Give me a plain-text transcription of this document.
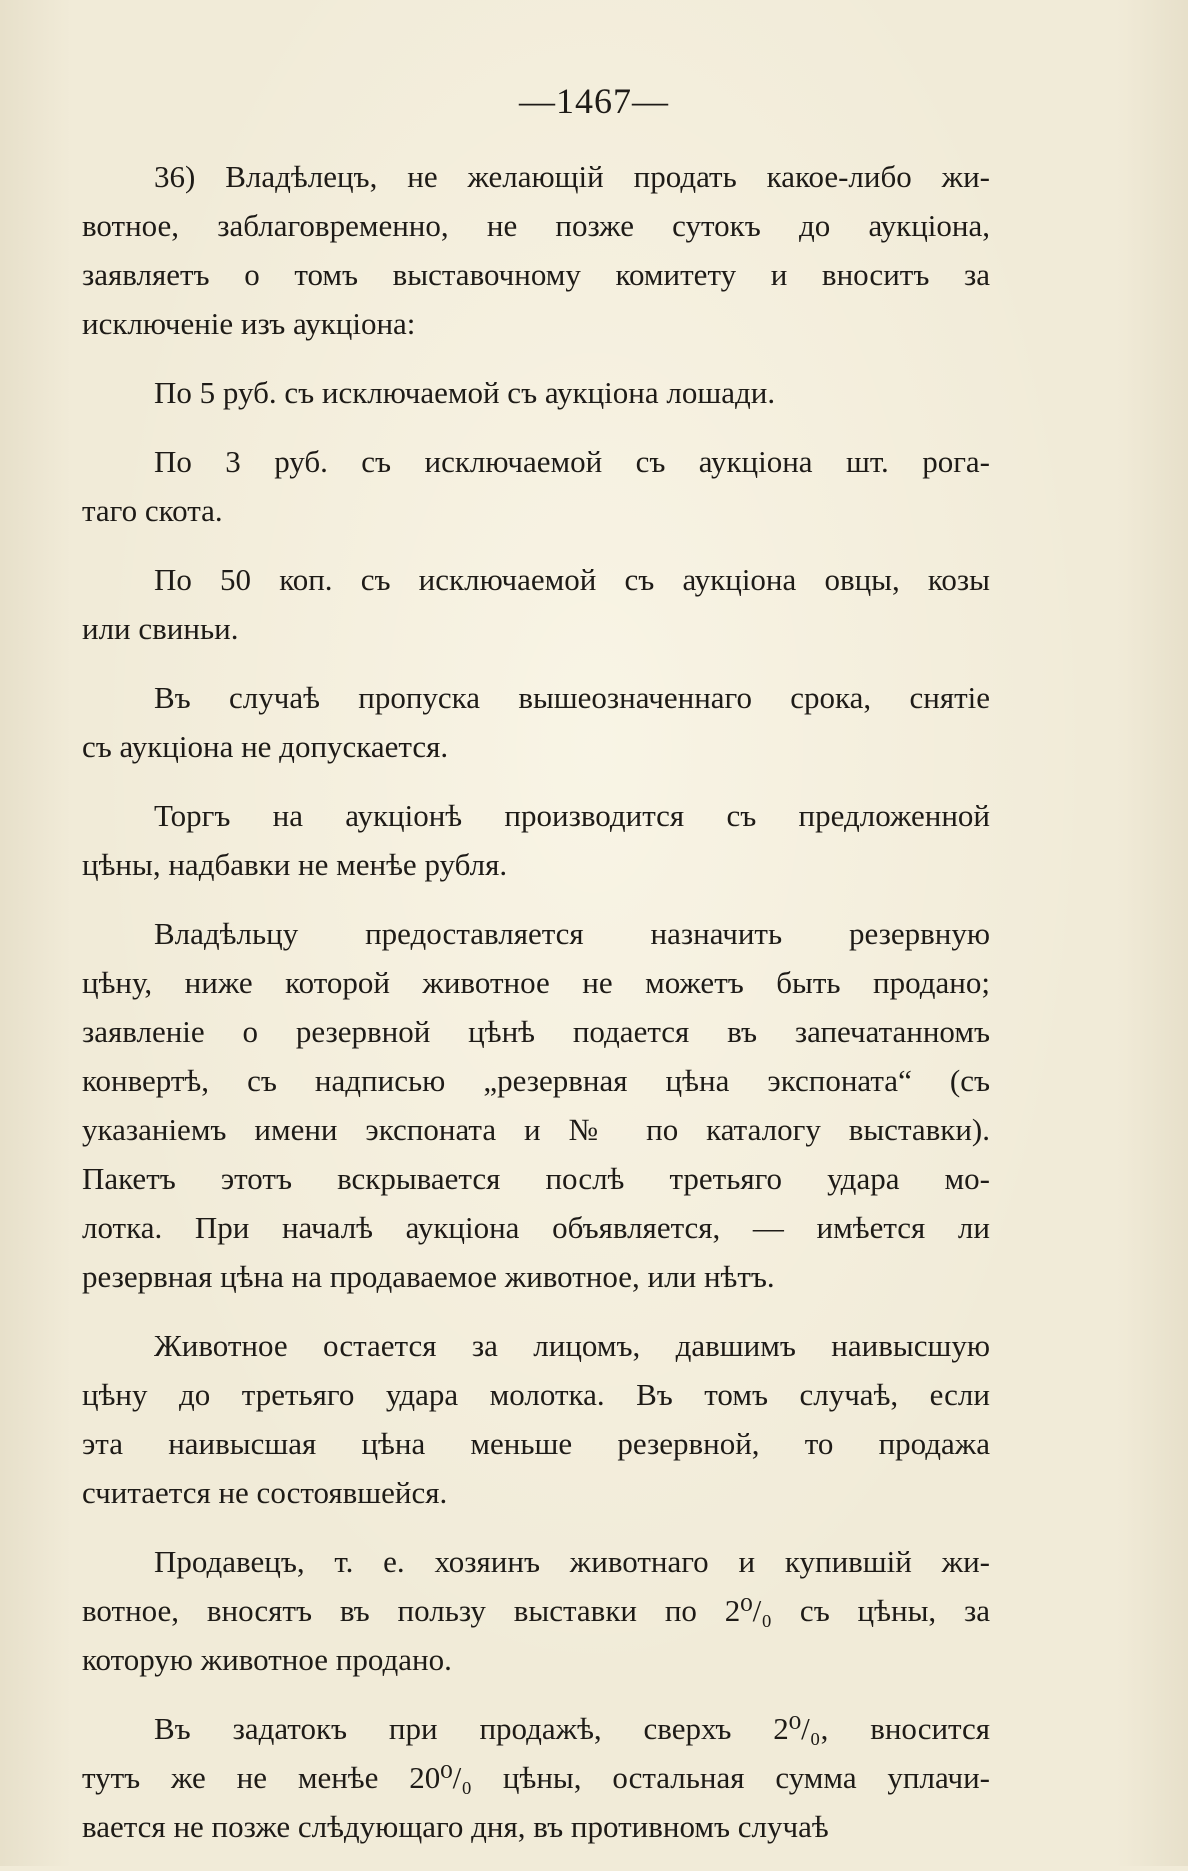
—1467—
36) Владѣлецъ, не желающій продать какое-либо жи-
вотное, заблаговременно, не позже сутокъ до аукціона,
заявляетъ о томъ выставочному комитету и вноситъ за
исключеніе изъ аукціона:
По 5 руб. съ исключаемой съ аукціона лошади.
По 3 руб. съ исключаемой съ аукціона шт. рога-
таго скота.
По 50 коп. съ исключаемой съ аукціона овцы, козы
или свиньи.
Въ случаѣ пропуска вышеозначеннаго срока, снятіе
съ аукціона не допускается.
Торгъ на аукціонѣ производится съ предложенной
цѣны, надбавки не менѣе рубля.
Владѣльцу предоставляется назначить резервную
цѣну, ниже которой животное не можетъ быть продано;
заявленіе о резервной цѣнѣ подается въ запечатанномъ
конвертѣ, съ надписью „резервная цѣна экспоната“ (съ
указаніемъ имени экспоната и № по каталогу выставки).
Пакетъ этотъ вскрывается послѣ третьяго удара мо-
лотка. При началѣ аукціона объявляется, — имѣется ли
резервная цѣна на продаваемое животное, или нѣтъ.
Животное остается за лицомъ, давшимъ наивысшую
цѣну до третьяго удара молотка. Въ томъ случаѣ, если
эта наивысшая цѣна меньше резервной, то продажа
считается не состоявшейся.
Продавецъ, т. е. хозяинъ животнаго и купившій жи-
вотное, вносятъ въ пользу выставки по 2⁰/₀ съ цѣны, за
которую животное продано.
Въ задатокъ при продажѣ, сверхъ 2⁰/₀, вносится
тутъ же не менѣе 20⁰/₀ цѣны, остальная сумма уплачи-
вается не позже слѣдующаго дня, въ противномъ случаѣ
